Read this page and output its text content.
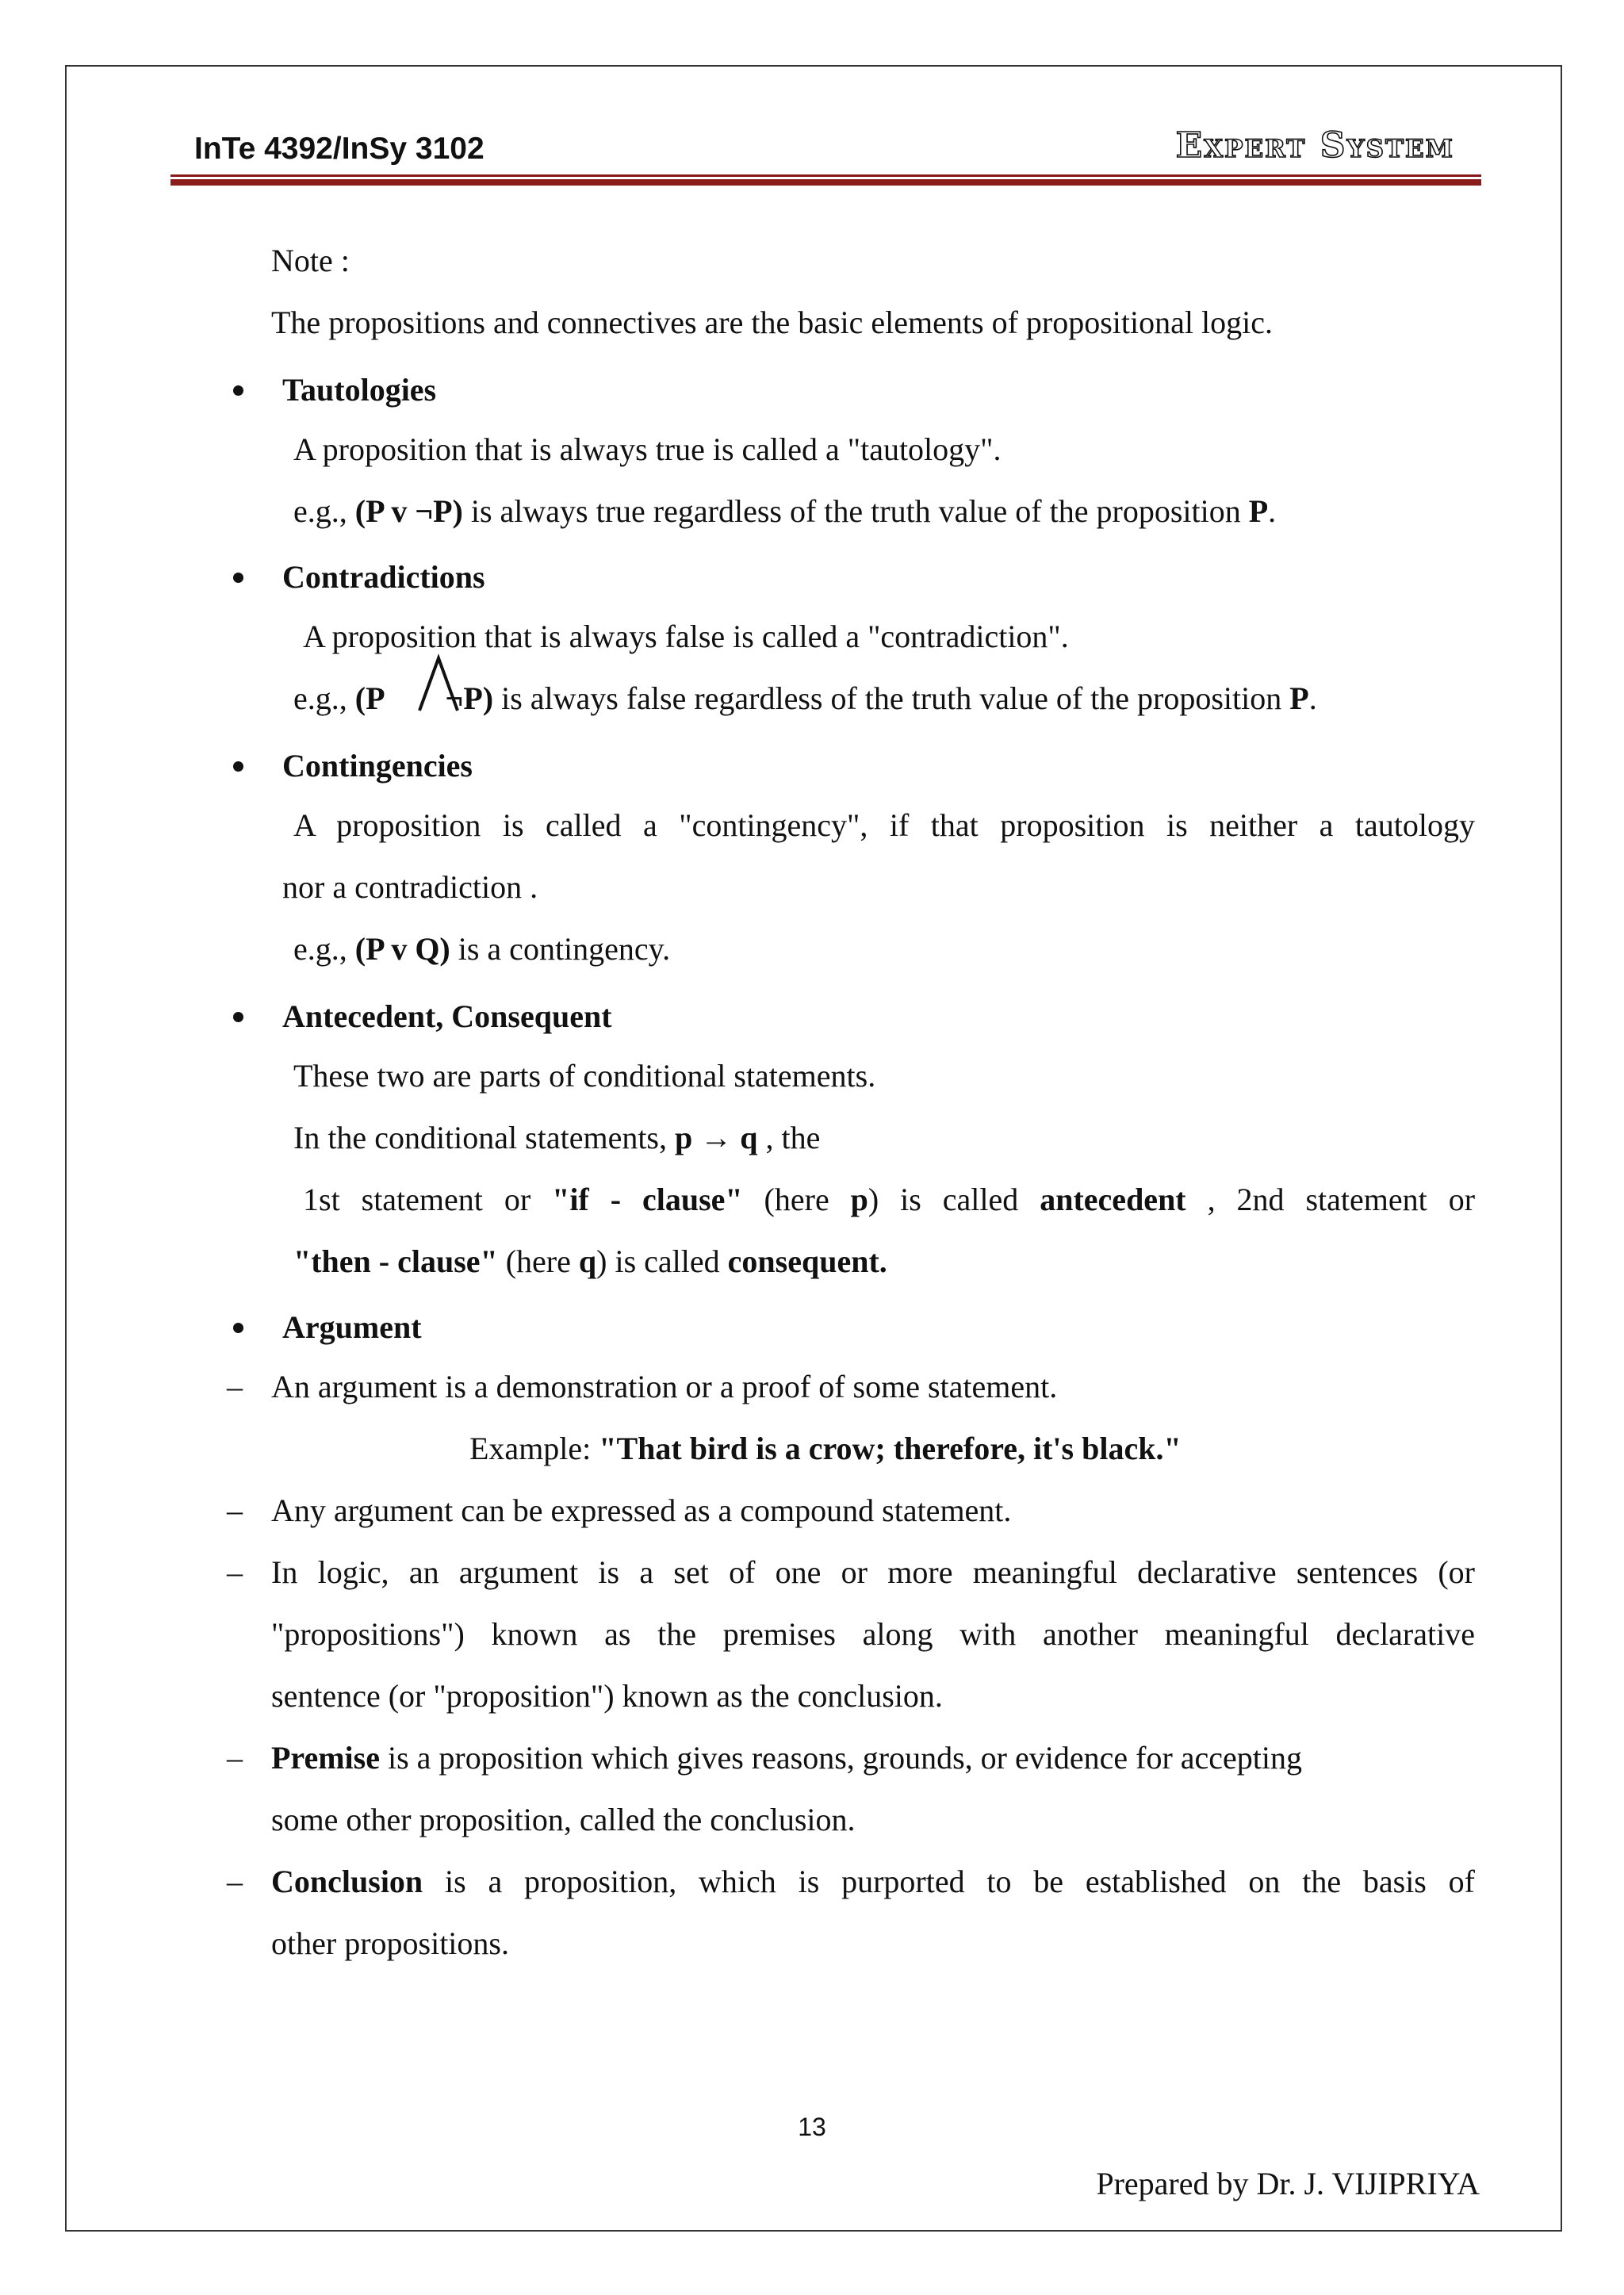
InTe 4392/InSy 3102	Expert System
Note :
The propositions and connectives are the basic elements of propositional logic.
Tautologies
A proposition that is always true is called a "tautology".
e.g., (P v ¬P) is always true regardless of the truth value of the proposition P.
Contradictions
A proposition that is always false is called a "contradiction".
e.g., (P ¬P) is always false regardless of the truth value of the proposition P.
Contingencies
A proposition is called a "contingency", if that proposition is neither a tautology
nor a contradiction .
e.g., (P v Q) is a contingency.
Antecedent, Consequent
These two are parts of conditional statements.
In the conditional statements, p → q , the
1st statement or "if - clause" (here p) is called antecedent , 2nd statement or
"then - clause" (here q) is called consequent.
Argument
– An argument is a demonstration or a proof of some statement.
Example: "That bird is a crow; therefore, it's black."
– Any argument can be expressed as a compound statement.
– In logic, an argument is a set of one or more meaningful declarative sentences (or
"propositions") known as the premises along with another meaningful declarative
sentence (or "proposition") known as the conclusion.
– Premise is a proposition which gives reasons, grounds, or evidence for accepting
some other proposition, called the conclusion.
– Conclusion is a proposition, which is purported to be established on the basis of
other propositions.
13
Prepared by Dr. J. VIJIPRIYA
